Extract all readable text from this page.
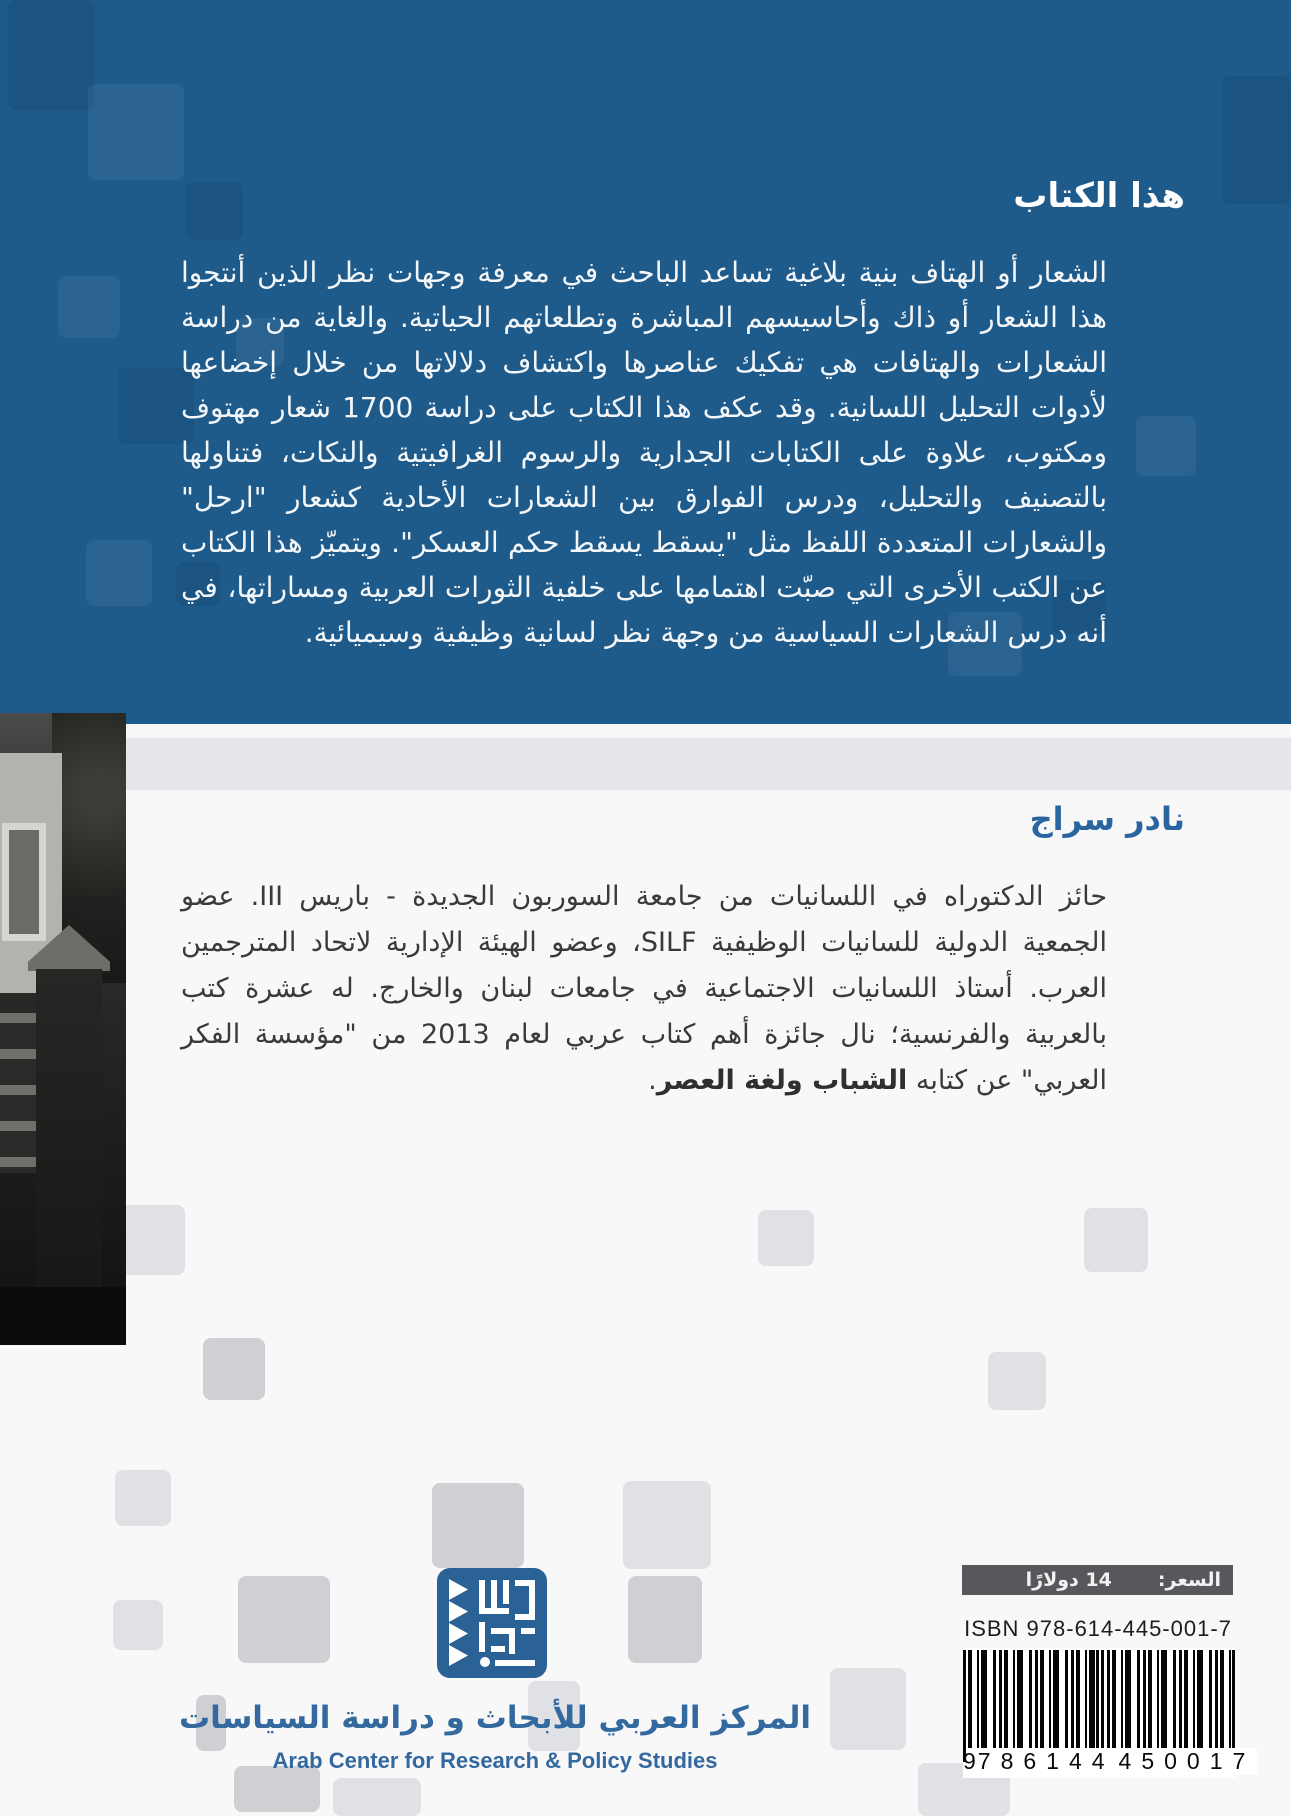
هذا الكتاب
الشعار أو الهتاف بنية بلاغية تساعد الباحث في معرفة وجهات نظر الذين أنتجوا هذا الشعار أو ذاك وأحاسيسهم المباشرة وتطلعاتهم الحياتية. والغاية من دراسة الشعارات والهتافات هي تفكيك عناصرها واكتشاف دلالاتها من خلال إخضاعها لأدوات التحليل اللسانية. وقد عكف هذا الكتاب على دراسة 1700 شعار مهتوف ومكتوب، علاوة على الكتابات الجدارية والرسوم الغرافيتية والنكات، فتناولها بالتصنيف والتحليل، ودرس الفوارق بين الشعارات الأحادية كشعار "ارحل" والشعارات المتعددة اللفظ مثل "يسقط يسقط حكم العسكر". ويتميّز هذا الكتاب عن الكتب الأخرى التي صبّت اهتمامها على خلفية الثورات العربية ومساراتها، في أنه درس الشعارات السياسية من وجهة نظر لسانية وظيفية وسيميائية.
نادر سراج
حائز الدكتوراه في اللسانيات من جامعة السوربون الجديدة - باريس III. عضو الجمعية الدولية للسانيات الوظيفية SILF، وعضو الهيئة الإدارية لاتحاد المترجمين العرب. أستاذ اللسانيات الاجتماعية في جامعات لبنان والخارج. له عشرة كتب بالعربية والفرنسية؛ نال جائزة أهم كتاب عربي لعام 2013 من "مؤسسة الفكر العربي" عن كتابه الشباب ولغة العصر.
المركز العربي للأبحاث و دراسة السياسات
Arab Center for Research & Policy Studies
السعر:
14 دولارًا
ISBN 978-614-445-001-7
9 786144 450017
